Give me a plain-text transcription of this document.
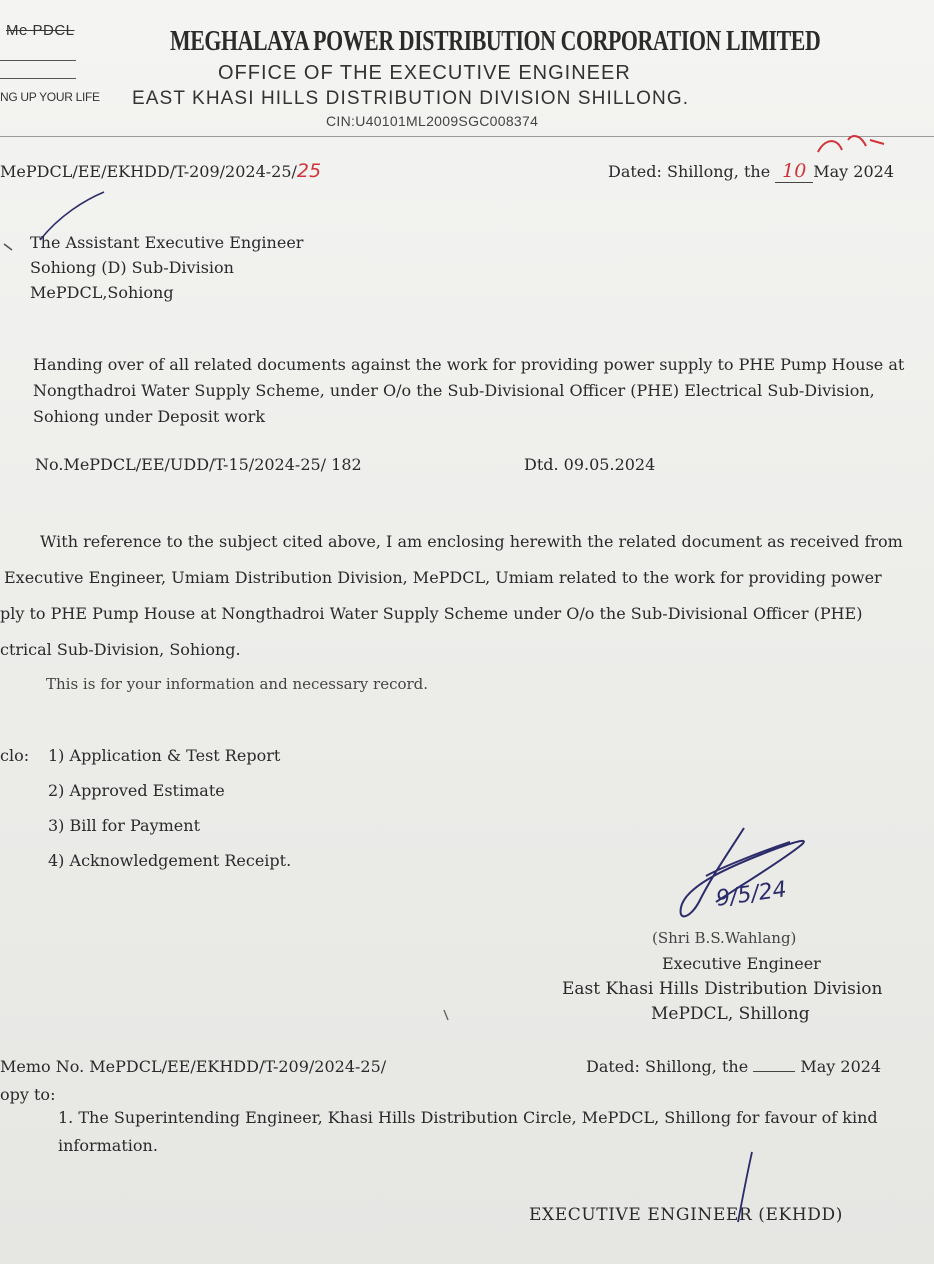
Me PDCL
NG UP YOUR LIFE
MEGHALAYA POWER DISTRIBUTION CORPORATION LIMITED
OFFICE OF THE EXECUTIVE ENGINEER
EAST KHASI HILLS DISTRIBUTION DIVISION SHILLONG.
CIN:U40101ML2009SGC008374
MePDCL/EE/EKHDD/T-209/2024-25/25	Dated: Shillong, the 10 May 2024
The Assistant Executive Engineer
Sohiong (D) Sub-Division
MePDCL,Sohiong
Handing over of all related documents against the work for providing power supply to PHE Pump House at Nongthadroi Water Supply Scheme, under O/o the Sub-Divisional Officer (PHE) Electrical Sub-Division, Sohiong under Deposit work
No.MePDCL/EE/UDD/T-15/2024-25/ 182	Dtd. 09.05.2024
With reference to the subject cited above, I am enclosing herewith the related document as received from
Executive Engineer, Umiam Distribution Division, MePDCL, Umiam related to the work for providing power
ply to PHE Pump House at Nongthadroi Water Supply Scheme under O/o the Sub-Divisional Officer (PHE)
ctrical Sub-Division, Sohiong.
This is for your information and necessary record.
clo: 1) Application & Test Report
2) Approved Estimate
3) Bill for Payment
4) Acknowledgement Receipt.
9/5/24
(Shri B.S.Wahlang)
Executive Engineer
East Khasi Hills Distribution Division
MePDCL, Shillong
Memo No. MePDCL/EE/EKHDD/T-209/2024-25/	Dated: Shillong, the	May 2024
opy to:
1. The Superintending Engineer, Khasi Hills Distribution Circle, MePDCL, Shillong for favour of kind information.
EXECUTIVE ENGINEER (EKHDD)
